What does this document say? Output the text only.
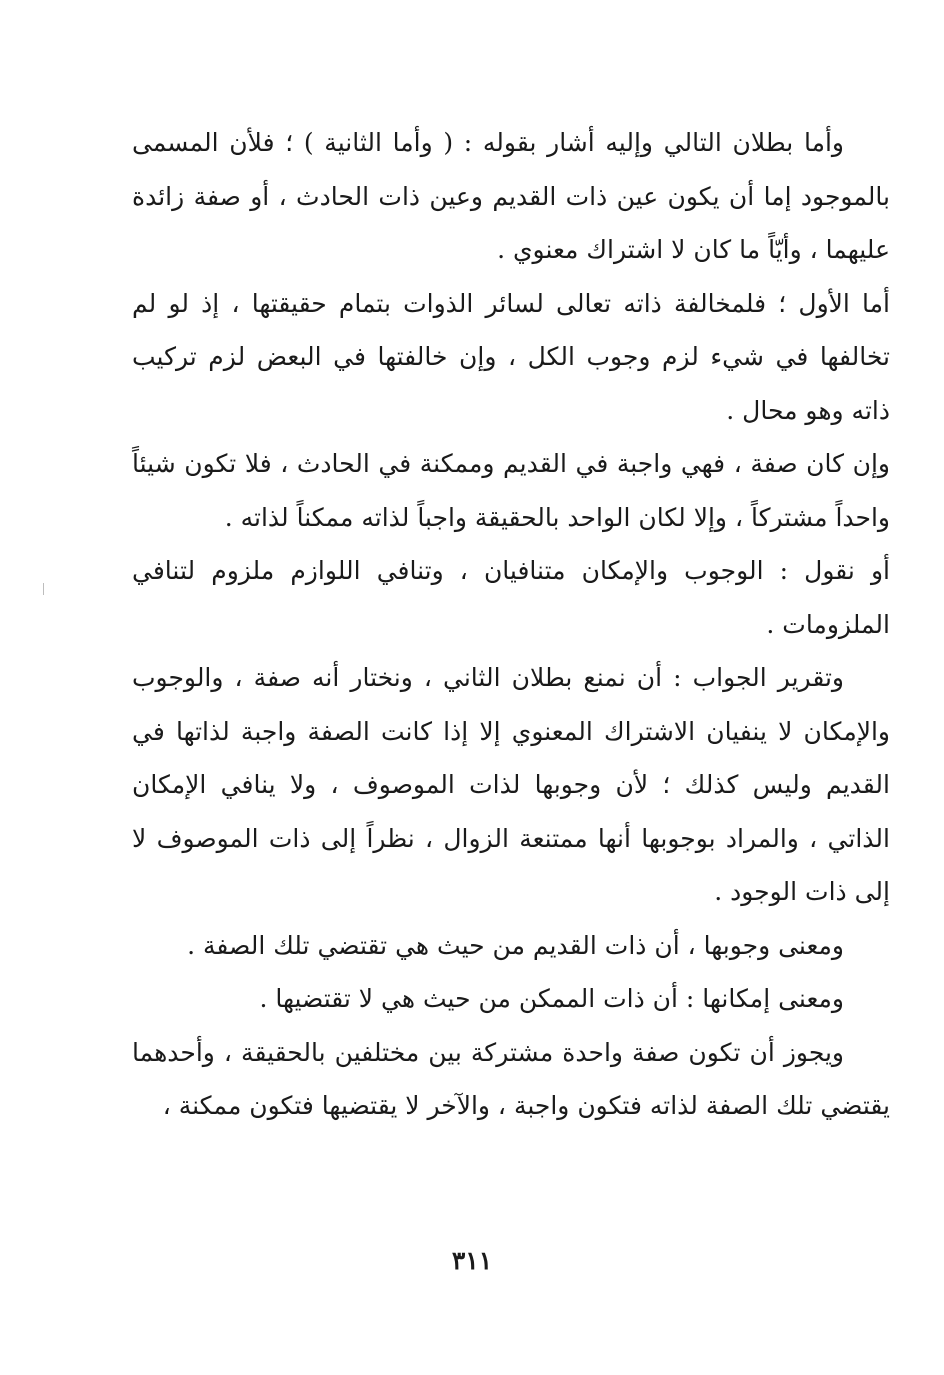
وأما بطلان التالي وإليه أشار بقوله : ( وأما الثانية ) ؛ فلأن المسمى بالموجود إما أن يكون عين ذات القديم وعين ذات الحادث ، أو صفة زائدة عليهما ، وأيّاً ما كان لا اشتراك معنوي .

أما الأول ؛ فلمخالفة ذاته تعالى لسائر الذوات بتمام حقيقتها ، إذ لو لم تخالفها في شيء لزم وجوب الكل ، وإن خالفتها في البعض لزم تركيب ذاته وهو محال .

وإن كان صفة ، فهي واجبة في القديم وممكنة في الحادث ، فلا تكون شيئاً واحداً مشتركاً ، وإلا لكان الواحد بالحقيقة واجباً لذاته ممكناً لذاته .

أو نقول : الوجوب والإمكان متنافيان ، وتنافي اللوازم ملزوم لتنافي الملزومات .

وتقرير الجواب : أن نمنع بطلان الثاني ، ونختار أنه صفة ، والوجوب والإمكان لا ينفيان الاشتراك المعنوي إلا إذا كانت الصفة واجبة لذاتها في القديم وليس كذلك ؛ لأن وجوبها لذات الموصوف ، ولا ينافي الإمكان الذاتي ، والمراد بوجوبها أنها ممتنعة الزوال ، نظراً إلى ذات الموصوف لا إلى ذات الوجود .

ومعنى وجوبها ، أن ذات القديم من حيث هي تقتضي تلك الصفة .

ومعنى إمكانها : أن ذات الممكن من حيث هي لا تقتضيها .

ويجوز أن تكون صفة واحدة مشتركة بين مختلفين بالحقيقة ، وأحدهما يقتضي تلك الصفة لذاته فتكون واجبة ، والآخر لا يقتضيها فتكون ممكنة ،

٣١١
